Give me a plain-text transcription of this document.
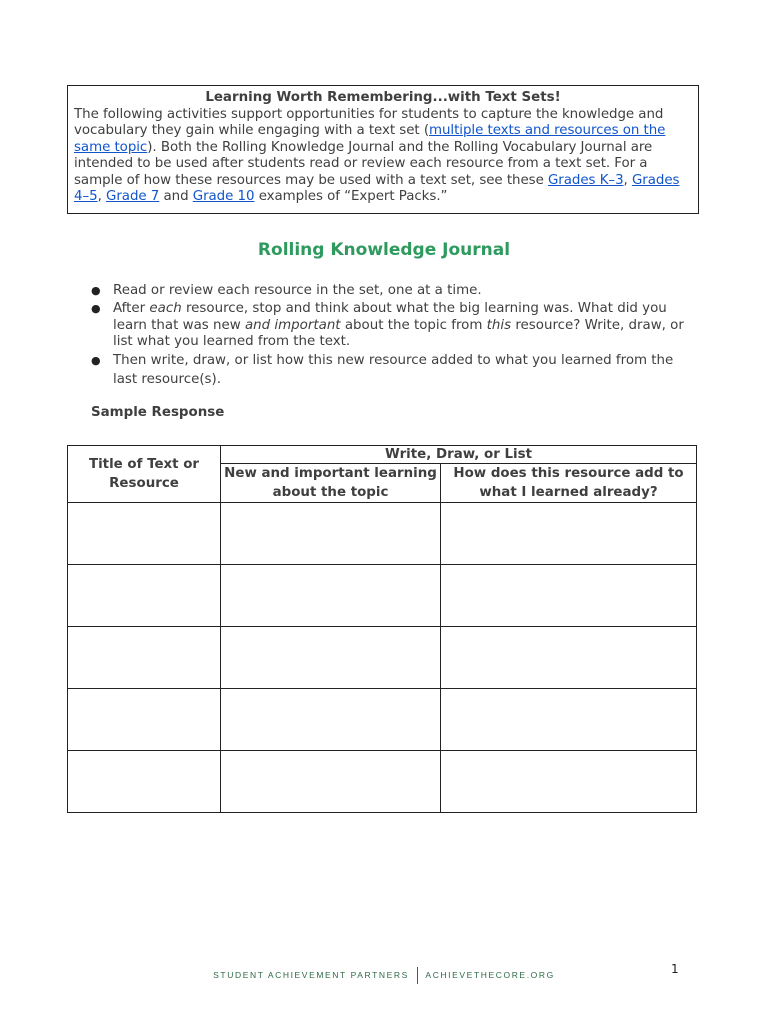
Learning Worth Remembering...with Text Sets!
The following activities support opportunities for students to capture the knowledge and vocabulary they gain while engaging with a text set (multiple texts and resources on the same topic). Both the Rolling Knowledge Journal and the Rolling Vocabulary Journal are intended to be used after students read or review each resource from a text set. For a sample of how these resources may be used with a text set, see these Grades K–3, Grades 4–5, Grade 7 and Grade 10 examples of “Expert Packs.”
Rolling Knowledge Journal
● Read or review each resource in the set, one at a time.
● After each resource, stop and think about what the big learning was. What did you learn that was new and important about the topic from this resource? Write, draw, or list what you learned from the text.
● Then write, draw, or list how this new resource added to what you learned from the last resource(s).
Sample Response
Title of Text or Resource	Write, Draw, or List	
	New and important learning about the topic	How does this resource add to what I learned already?

STUDENT ACHIEVEMENT PARTNERS ACHIEVETHECORE.ORG	1
